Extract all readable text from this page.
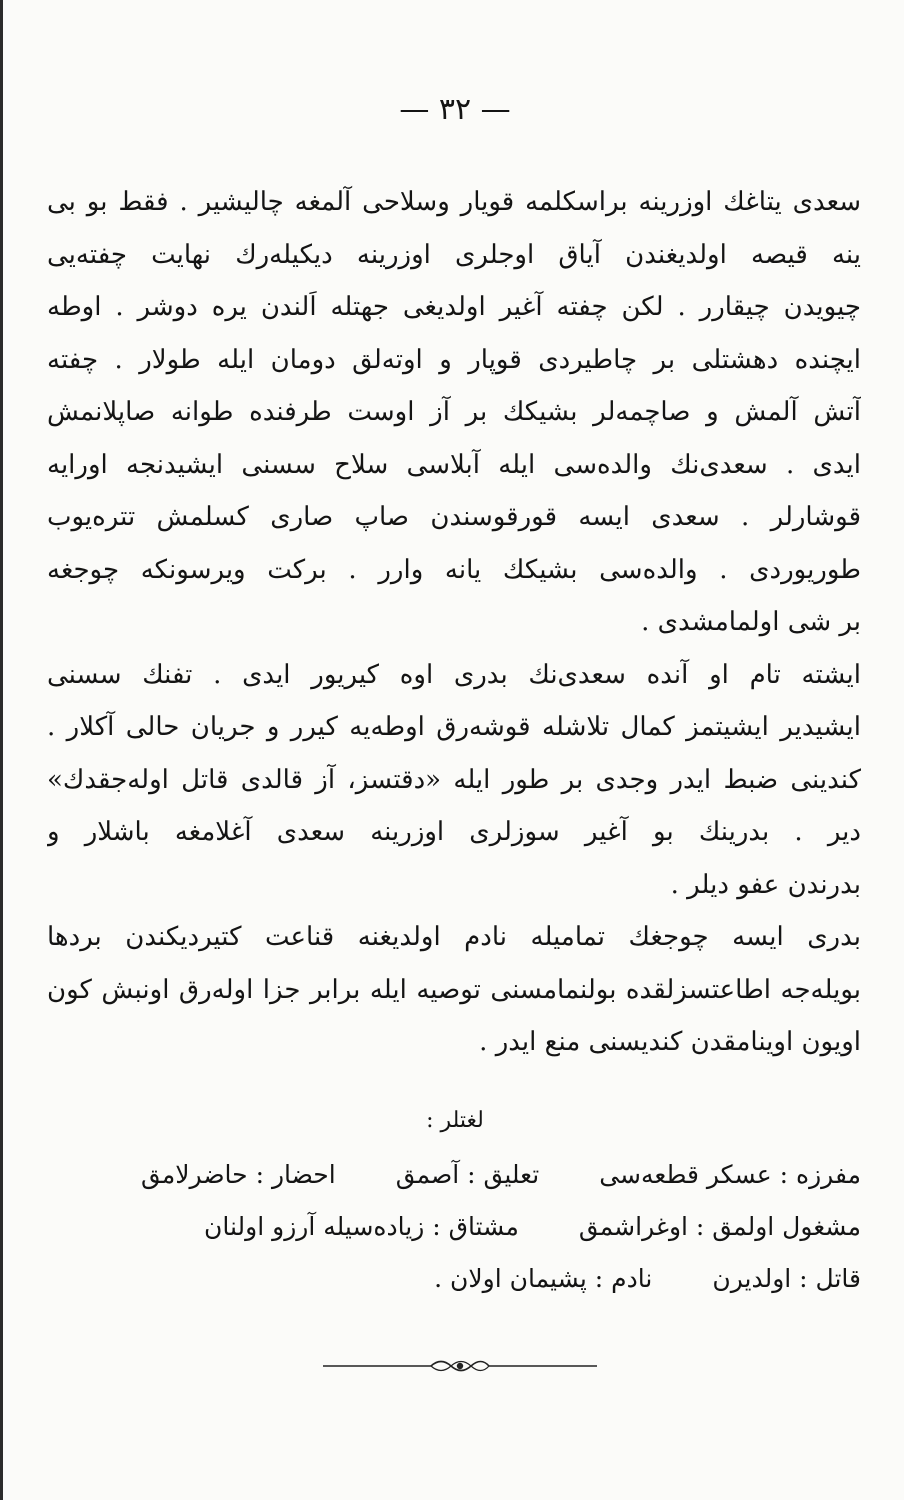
— ٣٢ —
سعدی یتاغك اوزرینه براسکلمه قویار وسلاحی آلمغه چالیشیر . فقط بو بی
ینه قیصه اولدیغندن آیاق اوجلری اوزرینه دیکیله‌رك نهایت چفته‌یی
چیویدن چیقارر . لکن چفته آغیر اولدیغی جهتله اَلندن یره دوشر . اوطه
ایچنده دهشتلی بر چاطیردی قوپار و اوته‌لق دومان ایله طولار . چفته
آتش آلمش و صاچمه‌لر بشیکك بر آز اوست طرفنده طوانه صاپلانمش
ایدی . سعدی‌نك والده‌سی ایله آبلاسی سلاح سسنی ایشیدنجه اورایه
قوشارلر . سعدی ایسه قورقوسندن صاپ صاری کسلمش تتره‌یوب
طوریوردی . والده‌سی بشیکك یانه وارر . برکت ویرسونکه چوجغه
بر شی اولمامشدی .
ایشته تام او آنده سعدی‌نك بدری اوه کیریور ایدی . تفنك سسنی
ایشیدیر ایشیتمز کمال تلاشله قوشه‌رق اوطه‌یه کیرر و جریان حالی آکلار .
کندینی ضبط ایدر وجدی بر طور ایله «دقتسز، آز قالدی قاتل اوله‌جقدك»
دیر . بدرینك بو آغیر سوزلری اوزرینه سعدی آغلامغه باشلار و
بدرندن عفو دیلر .
بدری ایسه چوجغك تماميله نادم اولدیغنه قناعت کتیردیکندن بردها
بویله‌جه اطاعتسزلقده بولنمامسنی توصیه ایله برابر جزا اوله‌رق اونبش کون
اویون اوینامقدن کندیسنی منع ایدر .
لغتلر :
مفرزه : عسکر قطعه‌سی
تعلیق : آصمق
احضار : حاضرلامق
مشغول اولمق : اوغراشمق
مشتاق : زیاده‌سیله آرزو اولنان
قاتل : اولدیرن
نادم : پشیمان اولان .
